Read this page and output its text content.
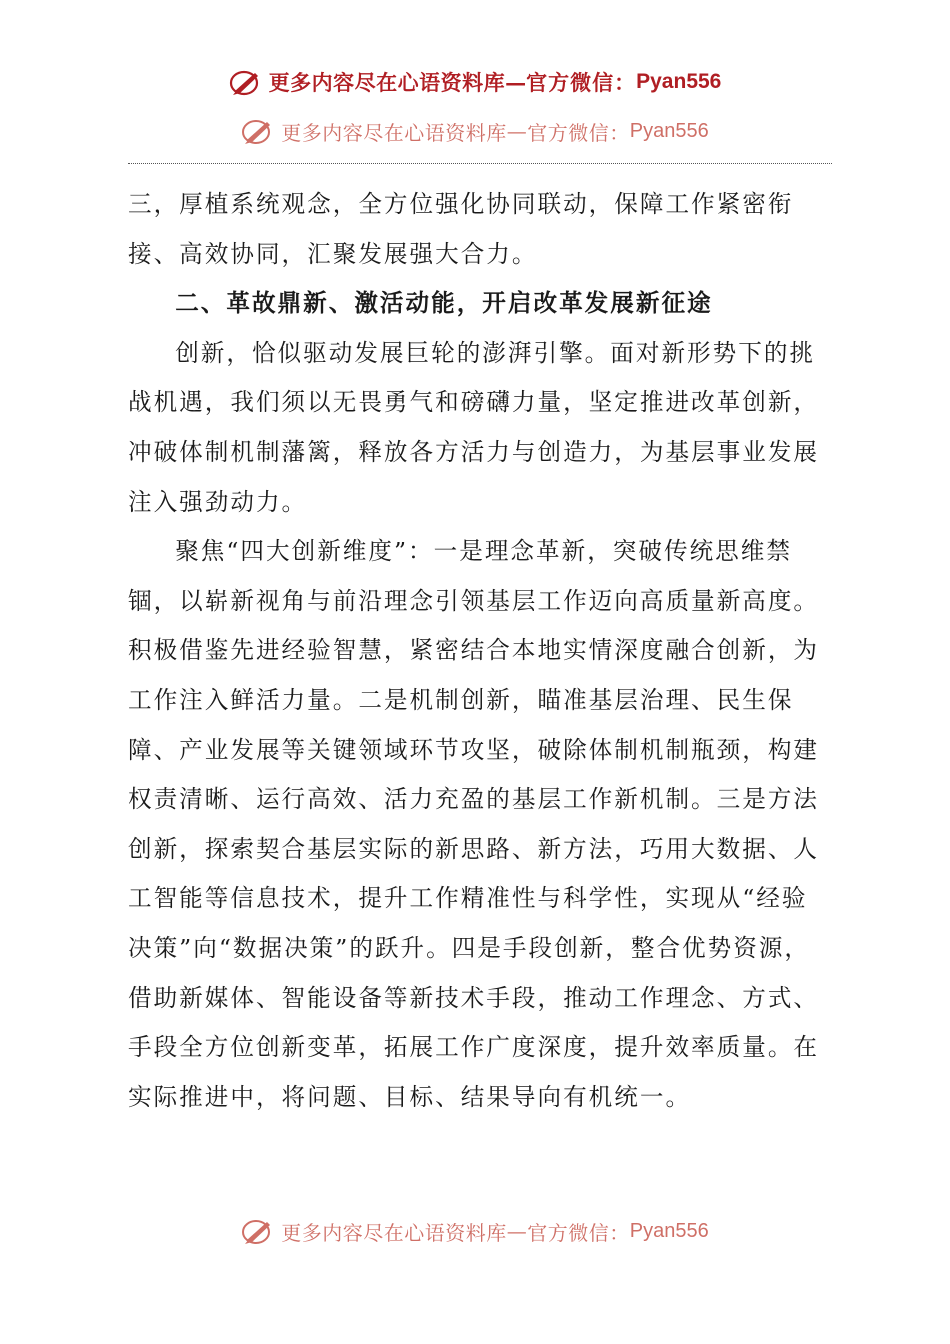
更多内容尽在心语资料库 — 官方微信： Pyan556
更多内容尽在心语资料库 — 官方微信： Pyan556

三，厚植系统观念，全方位强化协同联动，保障工作紧密衔接、高效协同，汇聚发展强大合力。

二、革故鼎新、激活动能，开启改革发展新征途

创新，恰似驱动发展巨轮的澎湃引擎。面对新形势下的挑战机遇，我们须以无畏勇气和磅礴力量，坚定推进改革创新，冲破体制机制藩篱，释放各方活力与创造力，为基层事业发展注入强劲动力。

聚焦“四大创新维度”：一是理念革新，突破传统思维禁锢，以崭新视角与前沿理念引领基层工作迈向高质量新高度。积极借鉴先进经验智慧，紧密结合本地实情深度融合创新，为工作注入鲜活力量。二是机制创新，瞄准基层治理、民生保障、产业发展等关键领域环节攻坚，破除体制机制瓶颈，构建权责清晰、运行高效、活力充盈的基层工作新机制。三是方法创新，探索契合基层实际的新思路、新方法，巧用大数据、人工智能等信息技术，提升工作精准性与科学性，实现从“经验决策”向“数据决策”的跃升。四是手段创新，整合优势资源，借助新媒体、智能设备等新技术手段，推动工作理念、方式、手段全方位创新变革，拓展工作广度深度，提升效率质量。在实际推进中，将问题、目标、结果导向有机统一。

更多内容尽在心语资料库 — 官方微信： Pyan556
